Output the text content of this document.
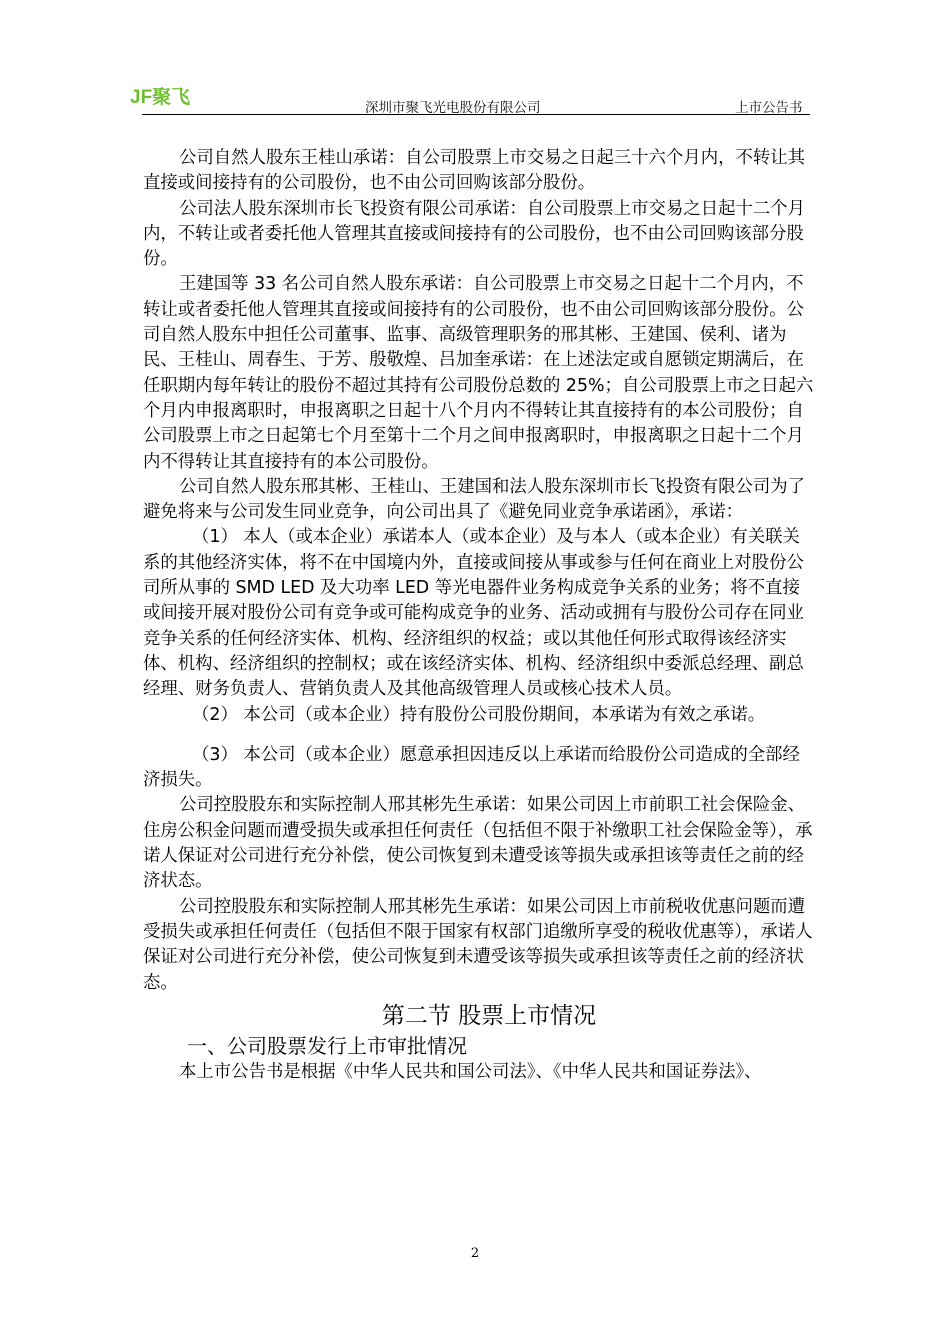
JF聚飞	深圳市聚飞光电股份有限公司	上市公告书

公司自然人股东王桂山承诺：自公司股票上市交易之日起三十六个月内，不转让其直接或间接持有的公司股份，也不由公司回购该部分股份。

公司法人股东深圳市长飞投资有限公司承诺：自公司股票上市交易之日起十二个月内，不转让或者委托他人管理其直接或间接持有的公司股份，也不由公司回购该部分股份。

王建国等 33 名公司自然人股东承诺：自公司股票上市交易之日起十二个月内，不转让或者委托他人管理其直接或间接持有的公司股份，也不由公司回购该部分股份。公司自然人股东中担任公司董事、监事、高级管理职务的邢其彬、王建国、侯利、诸为民、王桂山、周春生、于芳、殷敬煌、吕加奎承诺：在上述法定或自愿锁定期满后，在任职期内每年转让的股份不超过其持有公司股份总数的 25%；自公司股票上市之日起六个月内申报离职时，申报离职之日起十八个月内不得转让其直接持有的本公司股份；自公司股票上市之日起第七个月至第十二个月之间申报离职时，申报离职之日起十二个月内不得转让其直接持有的本公司股份。

公司自然人股东邢其彬、王桂山、王建国和法人股东深圳市长飞投资有限公司为了避免将来与公司发生同业竞争，向公司出具了《避免同业竞争承诺函》，承诺：

（1） 本人（或本企业）承诺本人（或本企业）及与本人（或本企业）有关联关系的其他经济实体，将不在中国境内外，直接或间接从事或参与任何在商业上对股份公司所从事的 SMD LED 及大功率 LED 等光电器件业务构成竞争关系的业务；将不直接或间接开展对股份公司有竞争或可能构成竞争的业务、活动或拥有与股份公司存在同业竞争关系的任何经济实体、机构、经济组织的权益；或以其他任何形式取得该经济实体、机构、经济组织的控制权；或在该经济实体、机构、经济组织中委派总经理、副总经理、财务负责人、营销负责人及其他高级管理人员或核心技术人员。

（2） 本公司（或本企业）持有股份公司股份期间，本承诺为有效之承诺。

（3） 本公司（或本企业）愿意承担因违反以上承诺而给股份公司造成的全部经济损失。

公司控股股东和实际控制人邢其彬先生承诺：如果公司因上市前职工社会保险金、住房公积金问题而遭受损失或承担任何责任（包括但不限于补缴职工社会保险金等），承诺人保证对公司进行充分补偿，使公司恢复到未遭受该等损失或承担该等责任之前的经济状态。

公司控股股东和实际控制人邢其彬先生承诺：如果公司因上市前税收优惠问题而遭受损失或承担任何责任（包括但不限于国家有权部门追缴所享受的税收优惠等），承诺人保证对公司进行充分补偿，使公司恢复到未遭受该等损失或承担该等责任之前的经济状态。

第二节 股票上市情况

一、公司股票发行上市审批情况

本上市公告书是根据《中华人民共和国公司法》、《中华人民共和国证券法》、

2
